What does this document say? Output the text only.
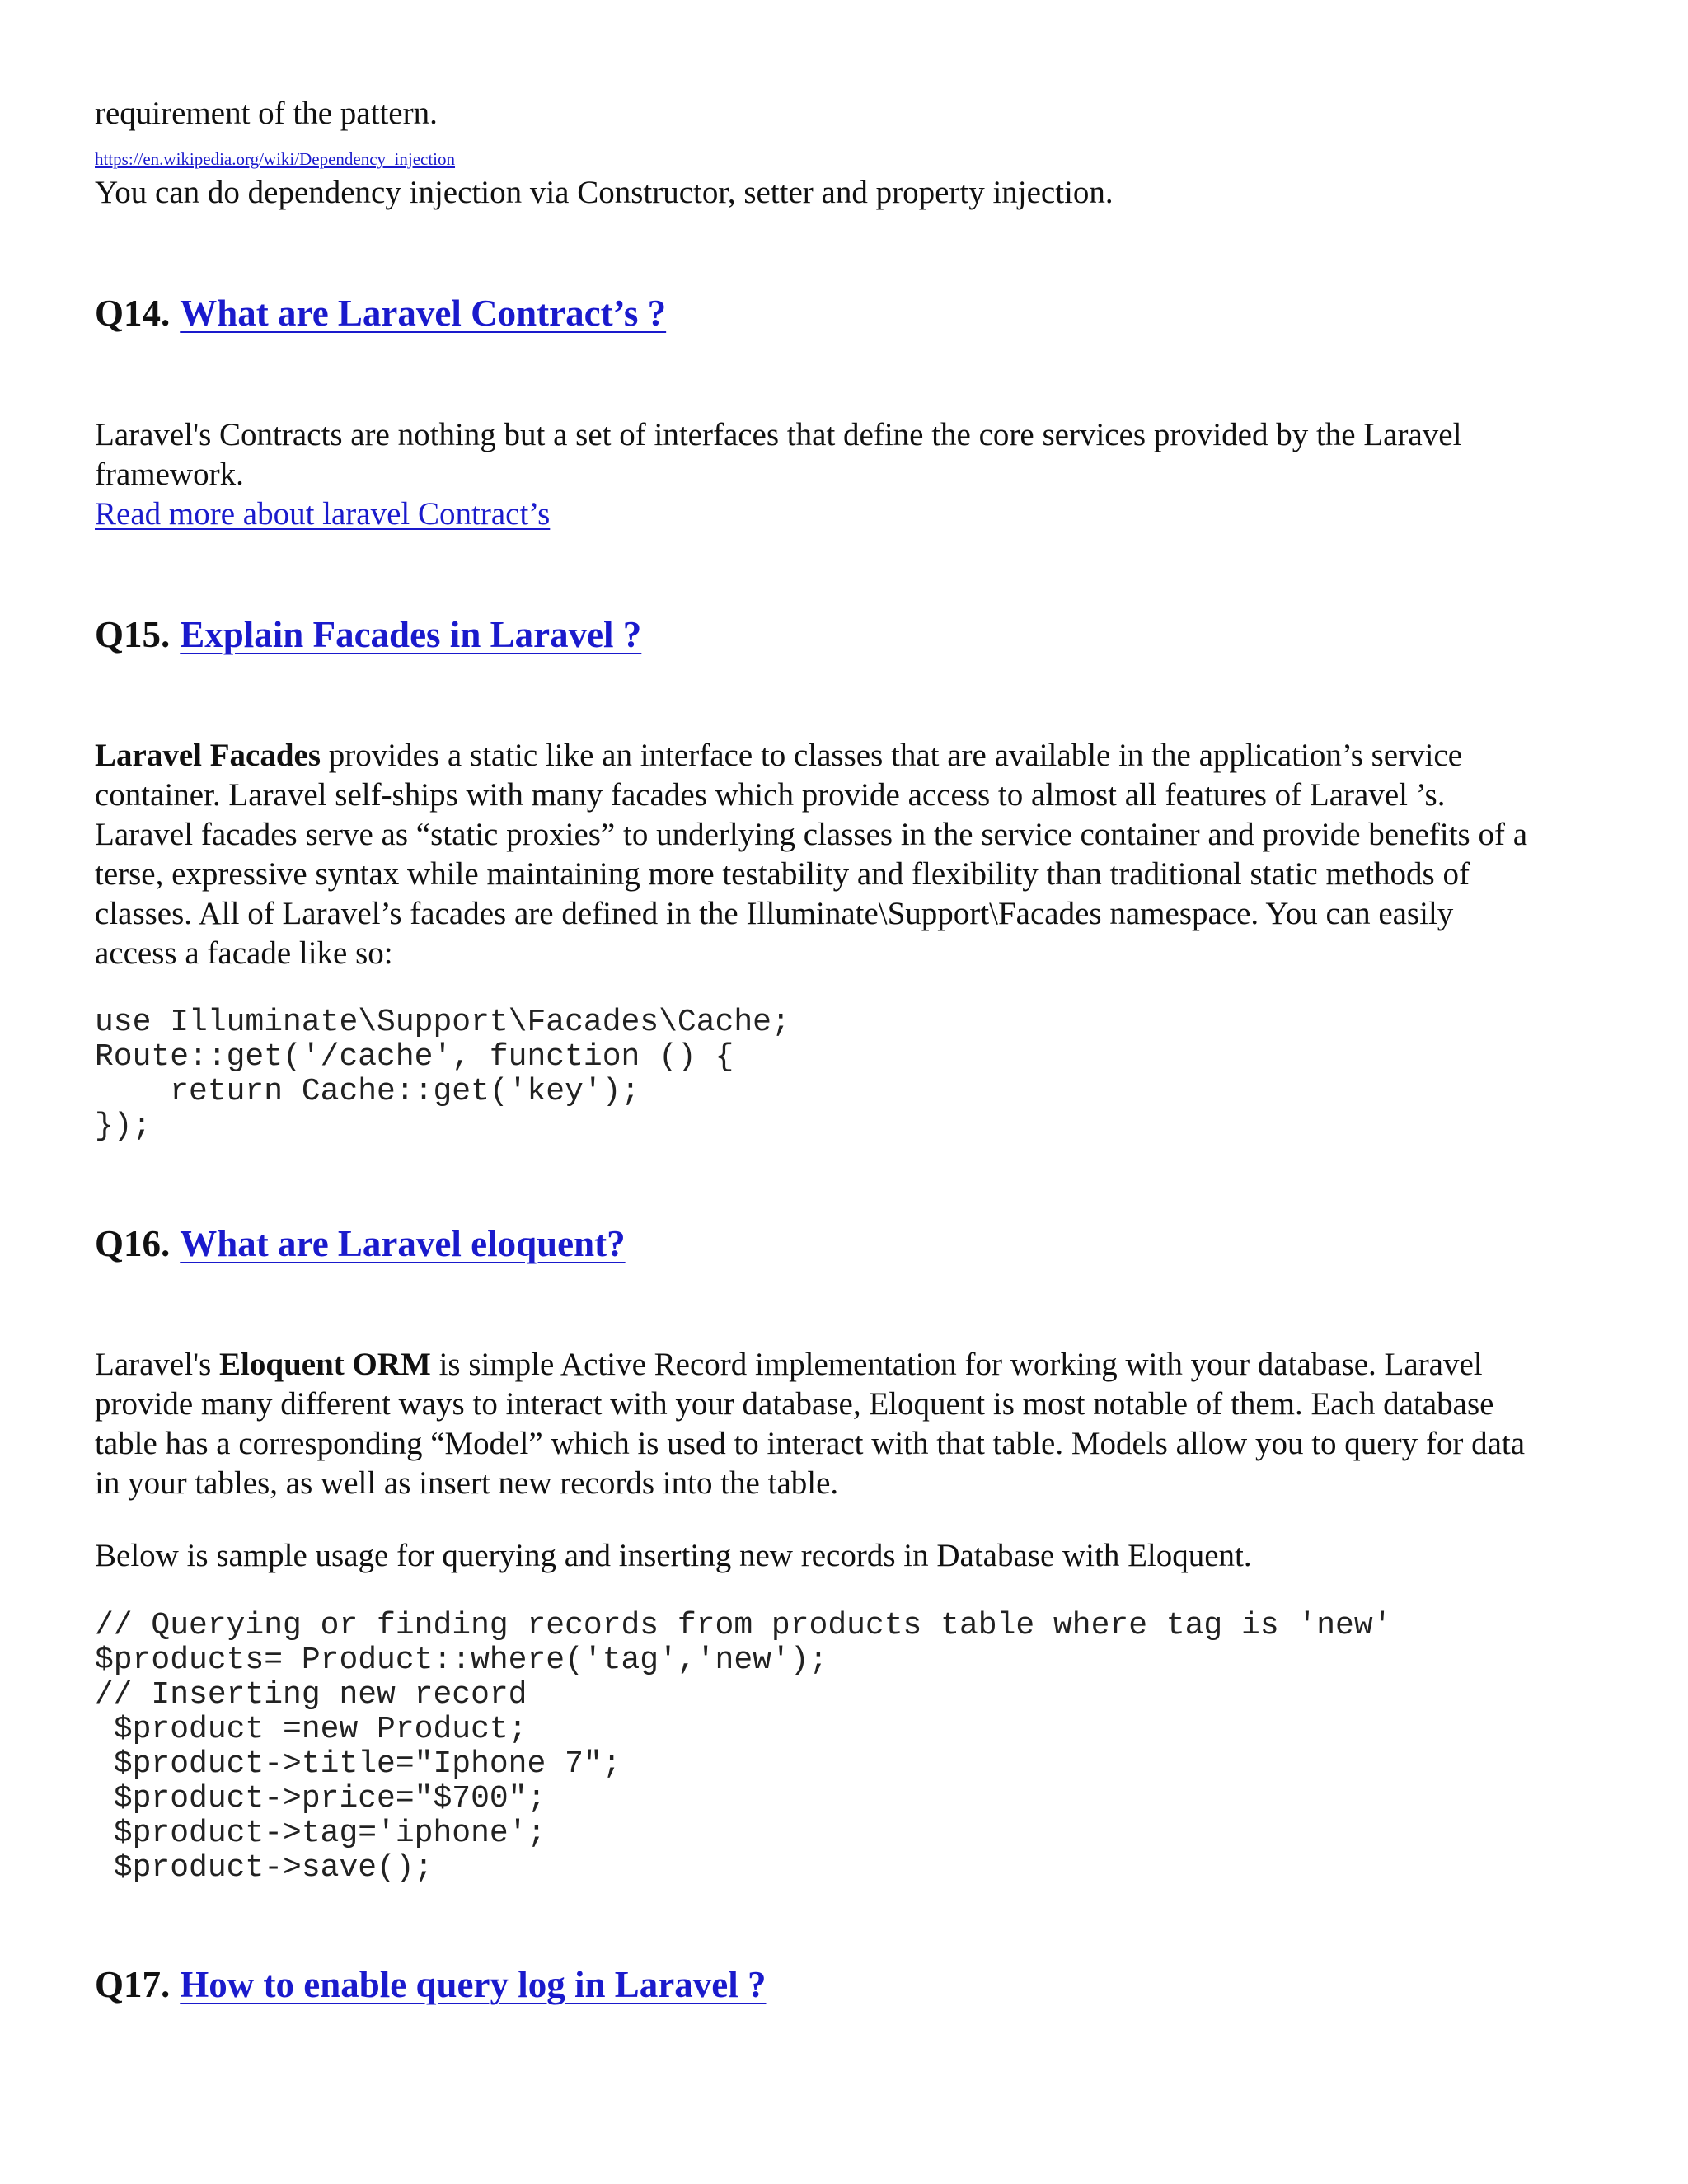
requirement of the pattern.

https://en.wikipedia.org/wiki/Dependency_injection

You can do dependency injection via Constructor, setter and property injection.

Q14. What are Laravel Contract’s ?

Laravel's Contracts are nothing but a set of interfaces that define the core services provided by the Laravel

framework.

Read more about laravel Contract’s
Q15. Explain Facades in Laravel ?

Laravel Facades provides a static like an interface to classes that are available in the application’s service

container. Laravel self-ships with many facades which provide access to almost all features of Laravel ’s.

Laravel facades serve as “static proxies” to underlying classes in the service container and provide benefits of a

terse, expressive syntax while maintaining more testability and flexibility than traditional static methods of

classes. All of Laravel’s facades are defined in the Illuminate\Support\Facades namespace. You can easily

access a facade like so:

use Illuminate\Support\Facades\Cache;
Route::get('/cache', function () {
return Cache::get('key');
});
Q16. What are Laravel eloquent?

Laravel's Eloquent ORM is simple Active Record implementation for working with your database. Laravel

provide many different ways to interact with your database, Eloquent is most notable of them. Each database

table has a corresponding “Model” which is used to interact with that table. Models allow you to query for data

in your tables, as well as insert new records into the table.

Below is sample usage for querying and inserting new records in Database with Eloquent.

// Querying or finding records from products table where tag is 'new'
$products= Product::where('tag','new');
// Inserting new record
$product =new Product;
$product->title="Iphone 7";
$product->price="$700";
$product->tag='iphone';
$product->save();
Q17. How to enable query log in Laravel ?
